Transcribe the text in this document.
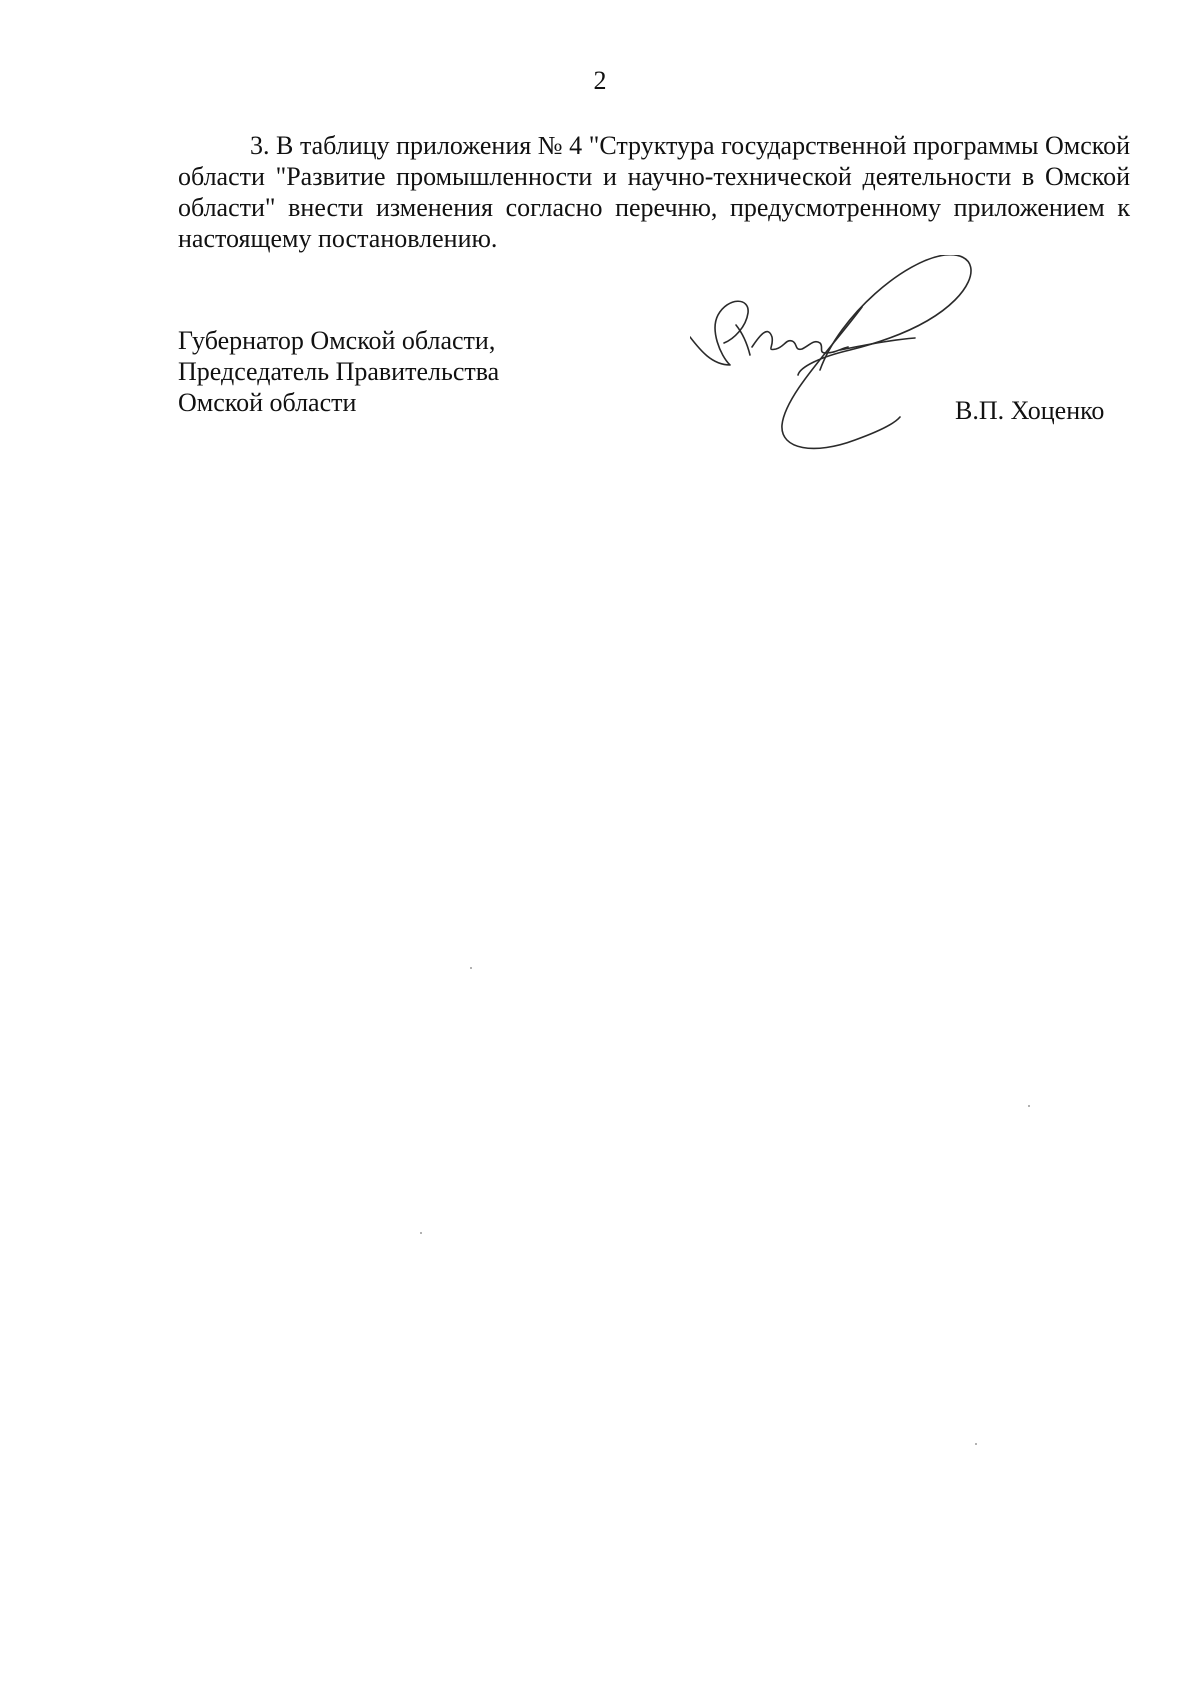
2

3. В таблицу приложения № 4 "Структура государственной программы Омской области "Развитие промышленности и научно-технической деятельности в Омской области" внести изменения согласно перечню, предусмотренному приложением к настоящему постановлению.

Губернатор Омской области,
Председатель Правительства
Омской области	В.П. Хоценко
